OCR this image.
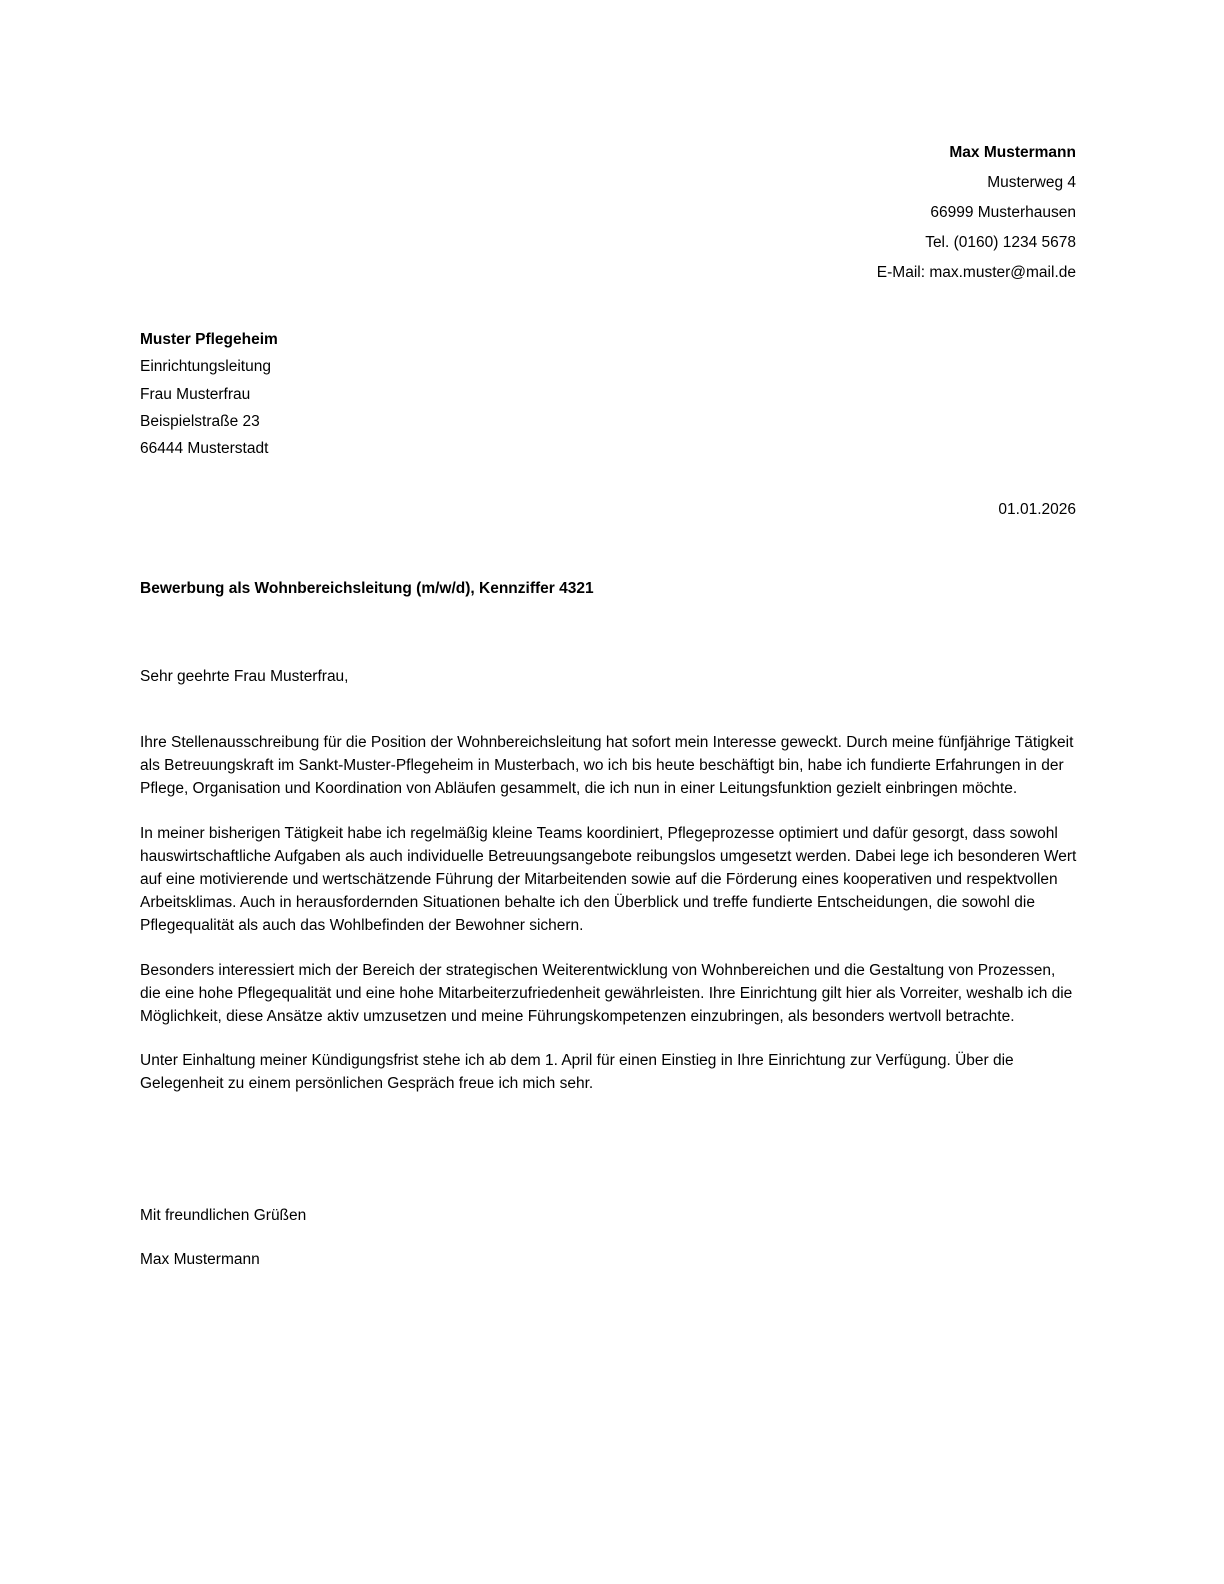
Max Mustermann
Musterweg 4
66999 Musterhausen
Tel. (0160) 1234 5678
E-Mail: max.muster@mail.de
Muster Pflegeheim
Einrichtungsleitung
Frau Musterfrau
Beispielstraße 23
66444 Musterstadt
01.01.2026
Bewerbung als Wohnbereichsleitung (m/w/d), Kennziffer 4321
Sehr geehrte Frau Musterfrau,

Ihre Stellenausschreibung für die Position der Wohnbereichsleitung hat sofort mein Interesse geweckt. Durch meine fünfjährige Tätigkeit als Betreuungskraft im Sankt-Muster-Pflegeheim in Musterbach, wo ich bis heute beschäftigt bin, habe ich fundierte Erfahrungen in der Pflege, Organisation und Koordination von Abläufen gesammelt, die ich nun in einer Leitungsfunktion gezielt einbringen möchte.

In meiner bisherigen Tätigkeit habe ich regelmäßig kleine Teams koordiniert, Pflegeprozesse optimiert und dafür gesorgt, dass sowohl hauswirtschaftliche Aufgaben als auch individuelle Betreuungsangebote reibungslos umgesetzt werden. Dabei lege ich besonderen Wert auf eine motivierende und wertschätzende Führung der Mitarbeitenden sowie auf die Förderung eines kooperativen und respektvollen Arbeitsklimas. Auch in herausfordernden Situationen behalte ich den Überblick und treffe fundierte Entscheidungen, die sowohl die Pflegequalität als auch das Wohlbefinden der Bewohner sichern.

Besonders interessiert mich der Bereich der strategischen Weiterentwicklung von Wohnbereichen und die Gestaltung von Prozessen, die eine hohe Pflegequalität und eine hohe Mitarbeiterzufriedenheit gewährleisten. Ihre Einrichtung gilt hier als Vorreiter, weshalb ich die Möglichkeit, diese Ansätze aktiv umzusetzen und meine Führungskompetenzen einzubringen, als besonders wertvoll betrachte.

Unter Einhaltung meiner Kündigungsfrist stehe ich ab dem 1. April für einen Einstieg in Ihre Einrichtung zur Verfügung. Über die Gelegenheit zu einem persönlichen Gespräch freue ich mich sehr.

Mit freundlichen Grüßen
Max Mustermann
